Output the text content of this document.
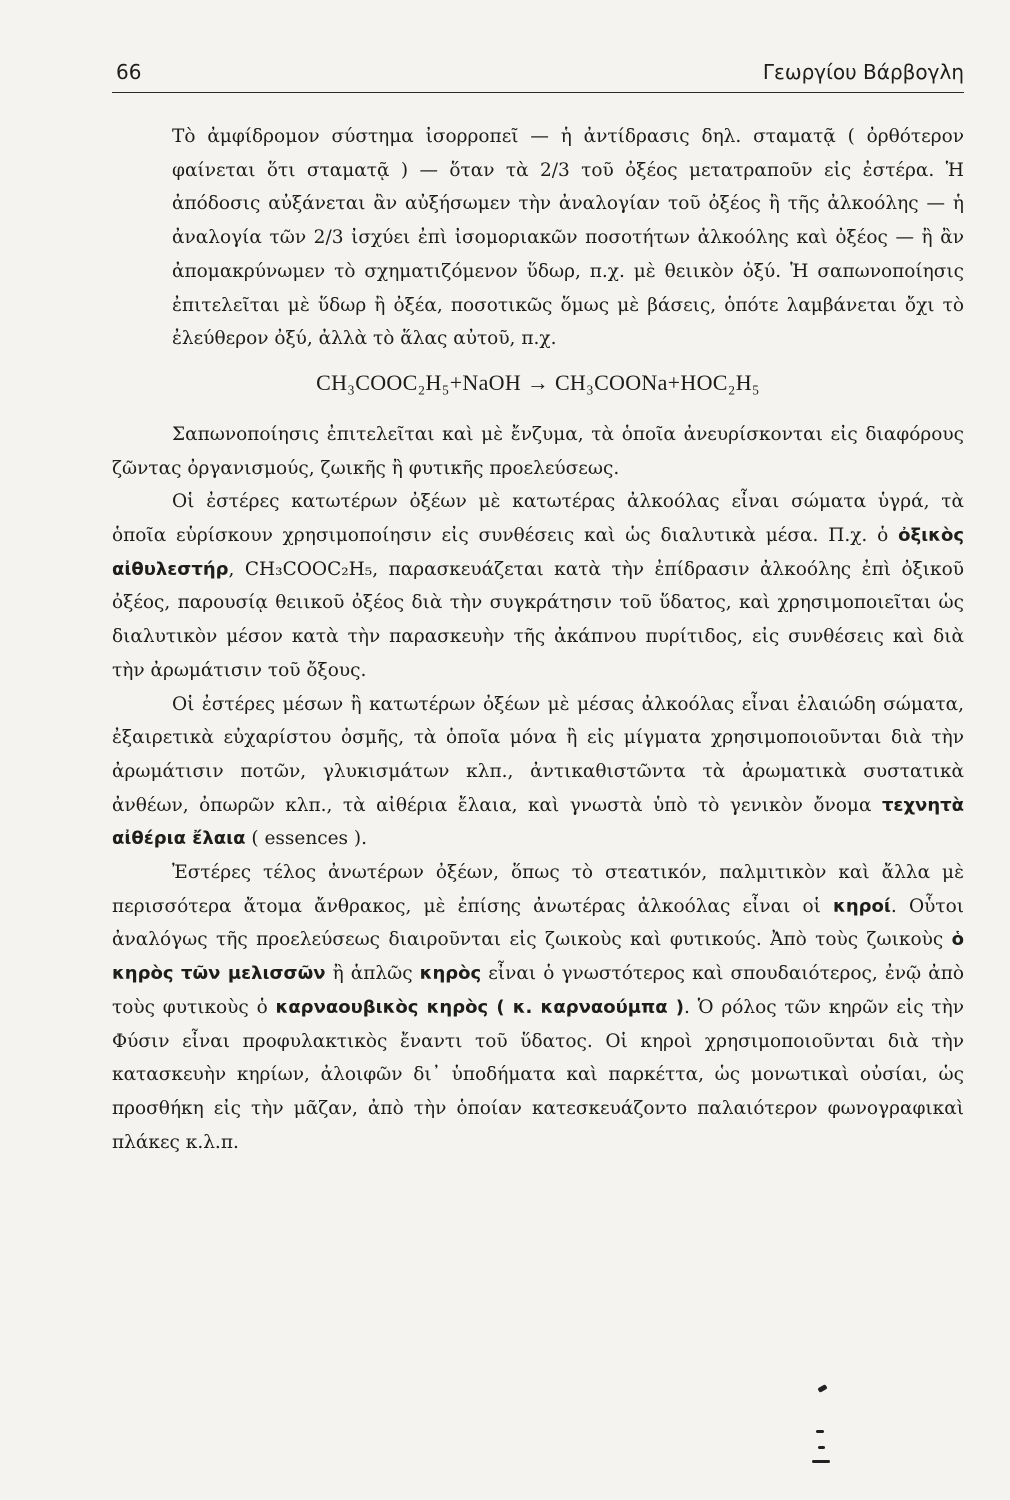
66	Γεωργίου Βάρβογλη

Τὸ ἀμφίδρομον σύστημα ἰσορροπεῖ — ἡ ἀντίδρασις δηλ. σταματᾷ ( ὀρθότερον φαίνεται ὅτι σταματᾷ ) — ὅταν τὰ 2/3 τοῦ ὀξέος μετατραποῦν εἰς ἐστέρα. Ἡ ἀπόδοσις αὐξάνεται ἂν αὐξήσωμεν τὴν ἀναλογίαν τοῦ ὀξέος ἢ τῆς ἀλκοόλης — ἡ ἀναλογία τῶν 2/3 ἰσχύει ἐπὶ ἰσομοριακῶν ποσοτήτων ἀλκοόλης καὶ ὀξέος — ἢ ἂν ἀπομακρύνωμεν τὸ σχηματιζόμενον ὕδωρ, π.χ. μὲ θειικὸν ὀξύ. Ἡ σαπωνοποίησις ἐπιτελεῖται μὲ ὕδωρ ἢ ὀξέα, ποσοτικῶς ὅμως μὲ βάσεις, ὁπότε λαμβάνεται ὄχι τὸ ἐλεύθερον ὀξύ, ἀλλὰ τὸ ἅλας αὐτοῦ, π.χ.

CH₃COOC₂H₅+NaOH → CH₃COONa+HOC₂H₅

Σαπωνοποίησις ἐπιτελεῖται καὶ μὲ ἔνζυμα, τὰ ὁποῖα ἀνευρίσκονται εἰς διαφόρους ζῶντας ὀργανισμούς, ζωικῆς ἢ φυτικῆς προελεύσεως.

Οἱ ἐστέρες κατωτέρων ὀξέων μὲ κατωτέρας ἀλκοόλας εἶναι σώματα ὑγρά, τὰ ὁποῖα εὑρίσκουν χρησιμοποίησιν εἰς συνθέσεις καὶ ὡς διαλυτικὰ μέσα. Π.χ. ὁ ὀξικὸς αἰθυλεστήρ, CH₃COOC₂H₅, παρασκευάζεται κατὰ τὴν ἐπίδρασιν ἀλκοόλης ἐπὶ ὀξικοῦ ὀξέος, παρουσίᾳ θειικοῦ ὀξέος διὰ τὴν συγκράτησιν τοῦ ὕδατος, καὶ χρησιμοποιεῖται ὡς διαλυτικὸν μέσον κατὰ τὴν παρασκευὴν τῆς ἀκάπνου πυρίτιδος, εἰς συνθέσεις καὶ διὰ τὴν ἀρωμάτισιν τοῦ ὄξους.

Οἱ ἐστέρες μέσων ἢ κατωτέρων ὀξέων μὲ μέσας ἀλκοόλας εἶναι ἐλαιώδη σώματα, ἐξαιρετικὰ εὐχαρίστου ὀσμῆς, τὰ ὁποῖα μόνα ἢ εἰς μίγματα χρησιμοποιοῦνται διὰ τὴν ἀρωμάτισιν ποτῶν, γλυκισμάτων κλπ., ἀντικαθιστῶντα τὰ ἀρωματικὰ συστατικὰ ἀνθέων, ὀπωρῶν κλπ., τὰ αἰθέρια ἔλαια, καὶ γνωστὰ ὑπὸ τὸ γενικὸν ὄνομα τεχνητὰ αἰθέρια ἔλαια ( essences ).

Ἐστέρες τέλος ἀνωτέρων ὀξέων, ὅπως τὸ στεατικόν, παλμιτικὸν καὶ ἄλλα μὲ περισσότερα ἄτομα ἄνθρακος, μὲ ἐπίσης ἀνωτέρας ἀλκοόλας εἶναι οἱ κηροί. Οὗτοι ἀναλόγως τῆς προελεύσεως διαιροῦνται εἰς ζωικοὺς καὶ φυτικούς. Ἀπὸ τοὺς ζωικοὺς ὁ κηρὸς τῶν μελισσῶν ἢ ἁπλῶς κηρὸς εἶναι ὁ γνωστότερος καὶ σπουδαιότερος, ἐνῷ ἀπὸ τοὺς φυτικοὺς ὁ καρναουβικὸς κηρὸς ( κ. καρναούμπα ). Ὁ ρόλος τῶν κηρῶν εἰς τὴν Φύσιν εἶναι προφυλακτικὸς ἔναντι τοῦ ὕδατος. Οἱ κηροὶ χρησιμοποιοῦνται διὰ τὴν κατασκευὴν κηρίων, ἀλοιφῶν δι᾽ ὑποδήματα καὶ παρκέττα, ὡς μονωτικαὶ οὐσίαι, ὡς προσθήκη εἰς τὴν μᾶζαν, ἀπὸ τὴν ὁποίαν κατεσκευάζοντο παλαιότερον φωνογραφικαὶ πλάκες κ.λ.π.
